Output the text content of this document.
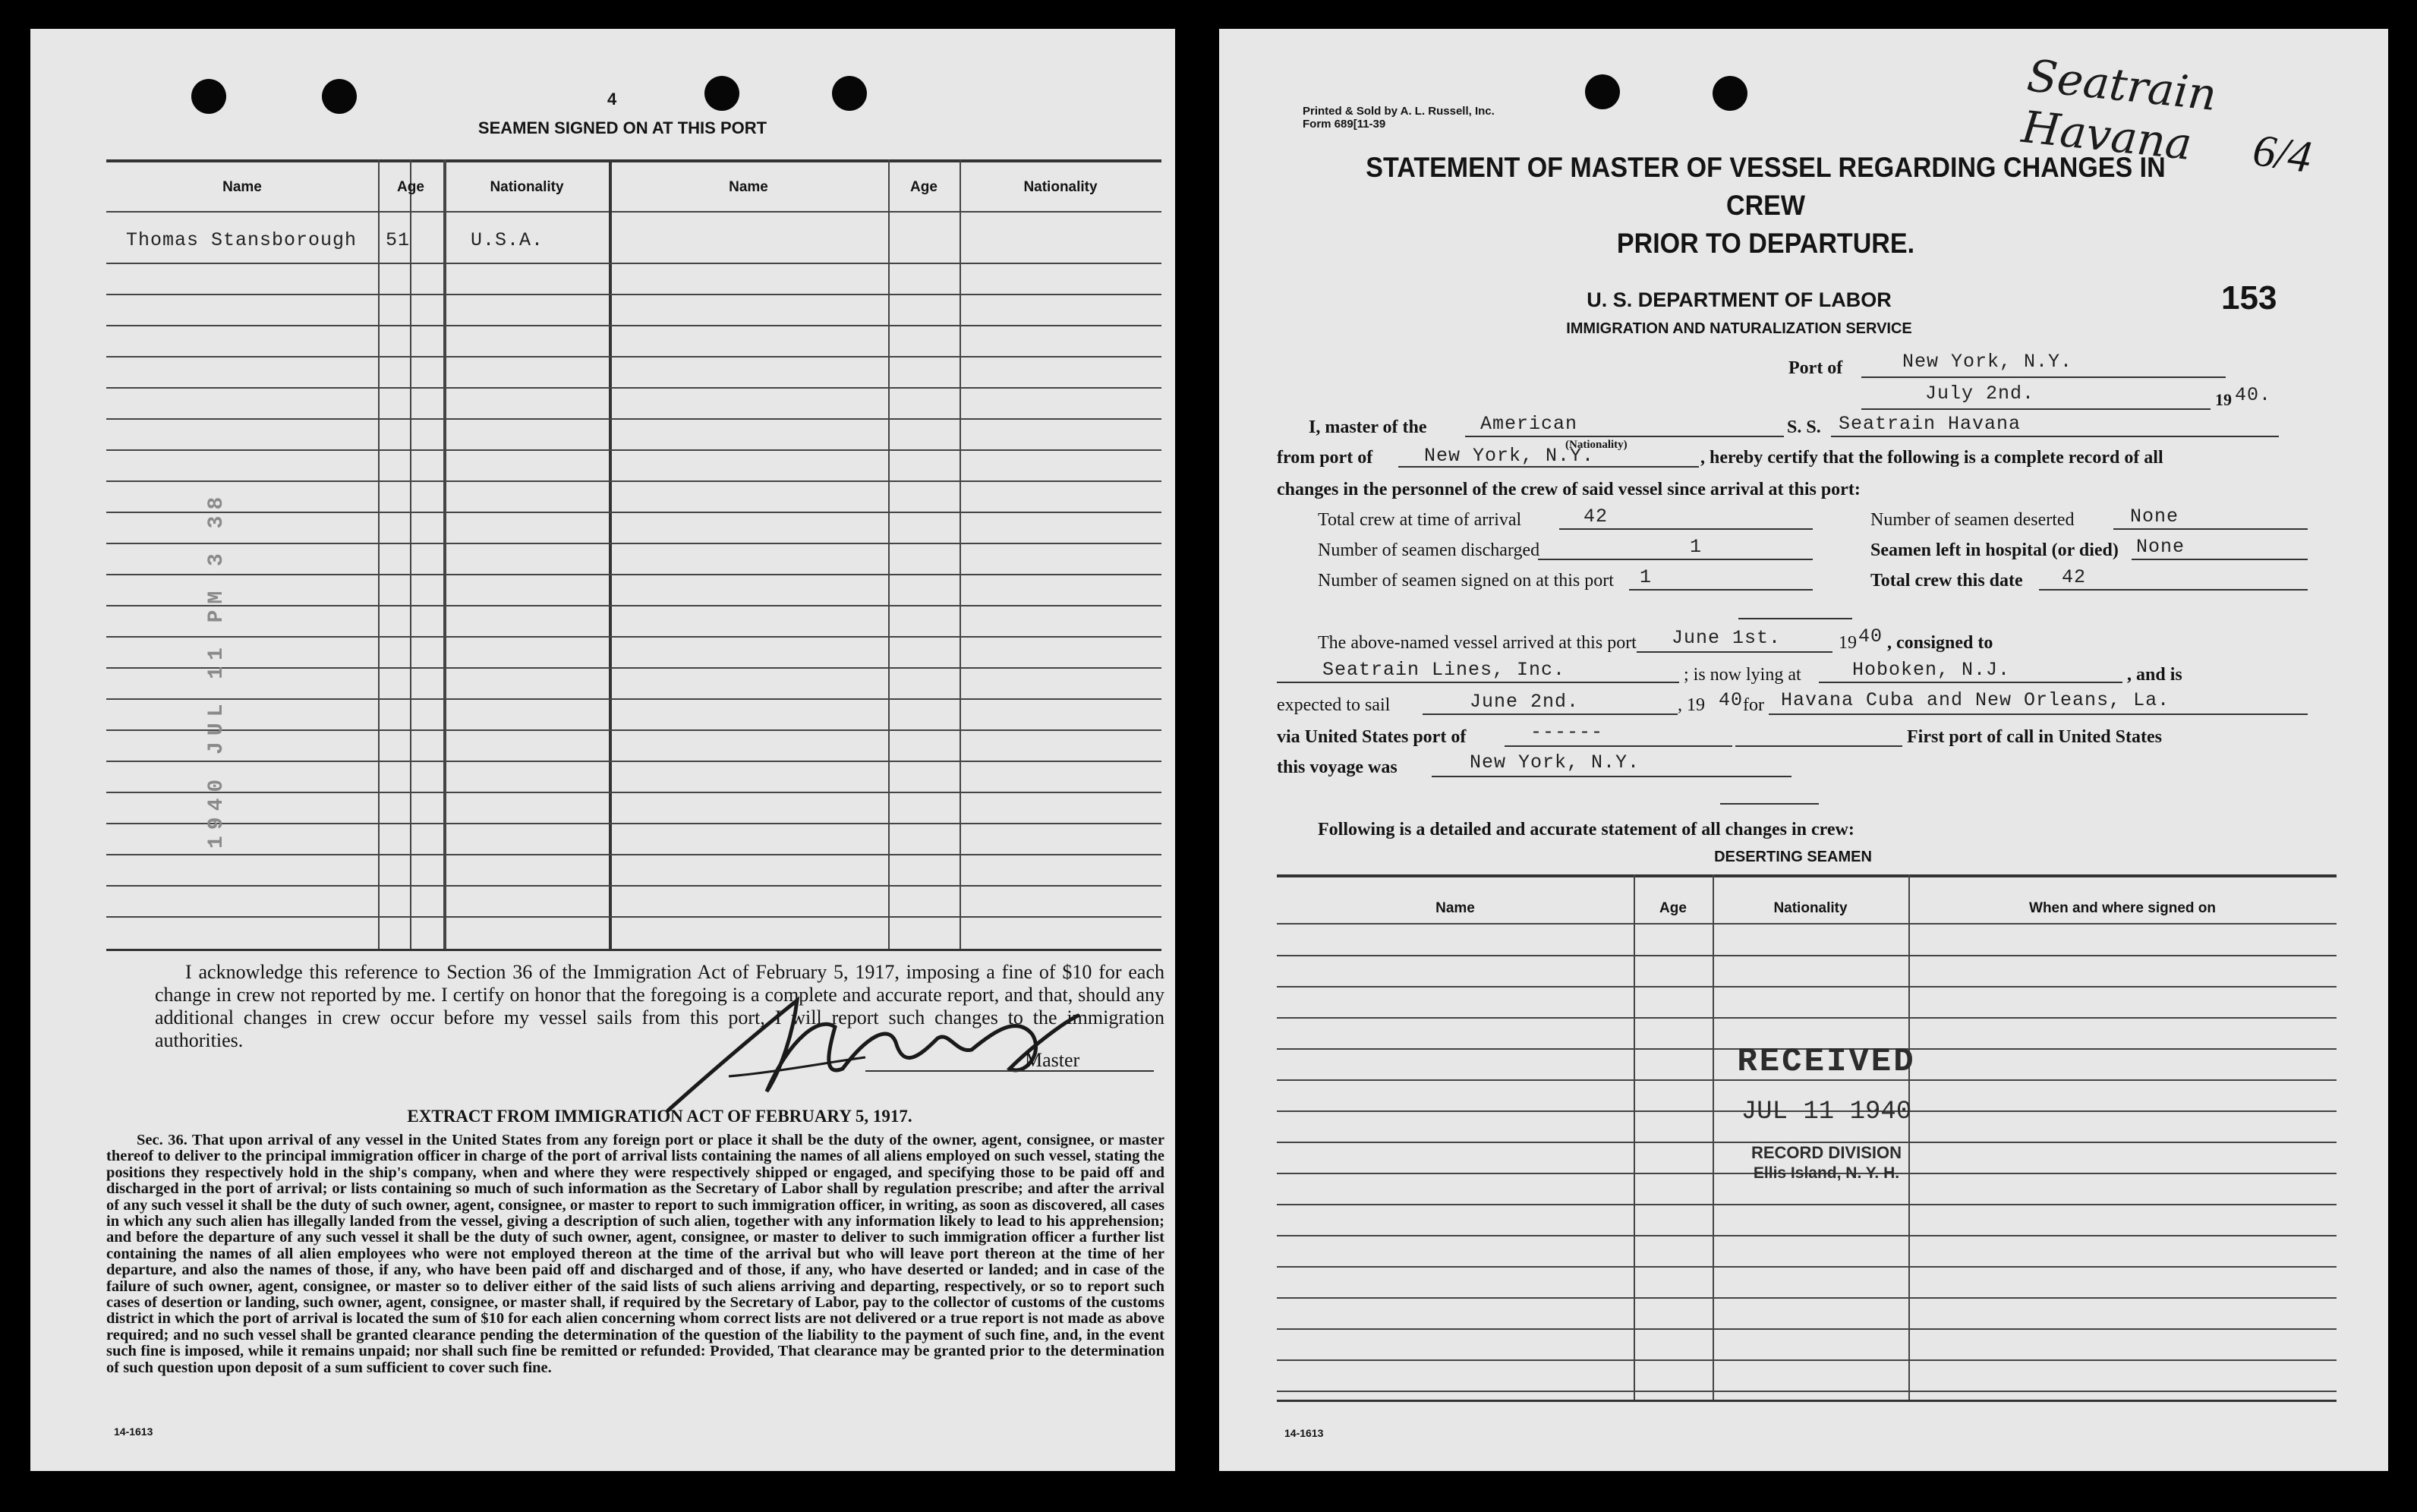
4
SEAMEN SIGNED ON AT THIS PORT
Name	Age	Nationality	Name	Age	Nationality
Thomas Stansborough 51	U.S.A.
1940 JUL 11 PM 3 38
I acknowledge this reference to Section 36 of the Immigration Act of February 5, 1917, imposing a fine of $10 for each change in crew not reported by me. I certify on honor that the foregoing is a complete and accurate report, and that, should any additional changes in crew occur before my vessel sails from this port, I will report such changes to the immigration authorities.
Master
EXTRACT FROM IMMIGRATION ACT OF FEBRUARY 5, 1917.
Sec. 36. That upon arrival of any vessel in the United States from any foreign port or place it shall be the duty of the owner, agent, consignee, or master thereof to deliver to the principal immigration officer in charge of the port of arrival lists containing the names of all aliens employed on such vessel, stating the positions they respectively hold in the ship's company, when and where they were respectively shipped or engaged, and specifying those to be paid off and discharged in the port of arrival; or lists containing so much of such information as the Secretary of Labor shall by regulation prescribe; and after the arrival of any such vessel it shall be the duty of such owner, agent, consignee, or master to report to such immigration officer, in writing, as soon as discovered, all cases in which any such alien has illegally landed from the vessel, giving a description of such alien, together with any information likely to lead to his apprehension; and before the departure of any such vessel it shall be the duty of such owner, agent, consignee, or master to deliver to such immigration officer a further list containing the names of all alien employees who were not employed thereon at the time of the arrival but who will leave port thereon at the time of her departure, and also the names of those, if any, who have been paid off and discharged and of those, if any, who have deserted or landed; and in case of the failure of such owner, agent, consignee, or master so to deliver either of the said lists of such aliens arriving and departing, respectively, or so to report such cases of desertion or landing, such owner, agent, consignee, or master shall, if required by the Secretary of Labor, pay to the collector of customs of the customs district in which the port of arrival is located the sum of $10 for each alien concerning whom correct lists are not delivered or a true report is not made as above required; and no such vessel shall be granted clearance pending the determination of the question of the liability to the payment of such fine, and, in the event such fine is imposed, while it remains unpaid; nor shall such fine be remitted or refunded: Provided, That clearance may be granted prior to the determination of such question upon deposit of a sum sufficient to cover such fine.
14-1613
Printed & Sold by A. L. Russell, Inc.
Form 689[11-39
Seatrain Havana	6/4
STATEMENT OF MASTER OF VESSEL REGARDING CHANGES IN CREW
PRIOR TO DEPARTURE.
U. S. DEPARTMENT OF LABOR
IMMIGRATION AND NATURALIZATION SERVICE
153
Port of	New York, N.Y.
July 2nd.	19 40.
I, master of the	American	S. S. Seatrain Havana
from port of	New York, N.Y.
(Nationality)
, hereby certify that the following is a complete record of all
changes in the personnel of the crew of said vessel since arrival at this port:
Total crew at time of arrival	42
Number of seamen discharged	1
Number of seamen signed on at this port 1
Number of seamen deserted	None
Seamen left in hospital (or died) None
Total crew this date 42
The above-named vessel arrived at this port June 1st.	19 40 , consigned to
Seatrain Lines, Inc.	; is now lying at	Hoboken, N.J.	, and is
expected to sail	June 2nd.	, 19 40 for Havana Cuba and New Orleans, La.
via United States port of	------	First port of call in United States
this voyage was	New York, N.Y.
Following is a detailed and accurate statement of all changes in crew:
DESERTING SEAMEN
Name	Age	Nationality	When and where signed on
RECEIVED
JUL 11 1940
RECORD DIVISION
Ellis Island, N. Y. H.
14-1613
